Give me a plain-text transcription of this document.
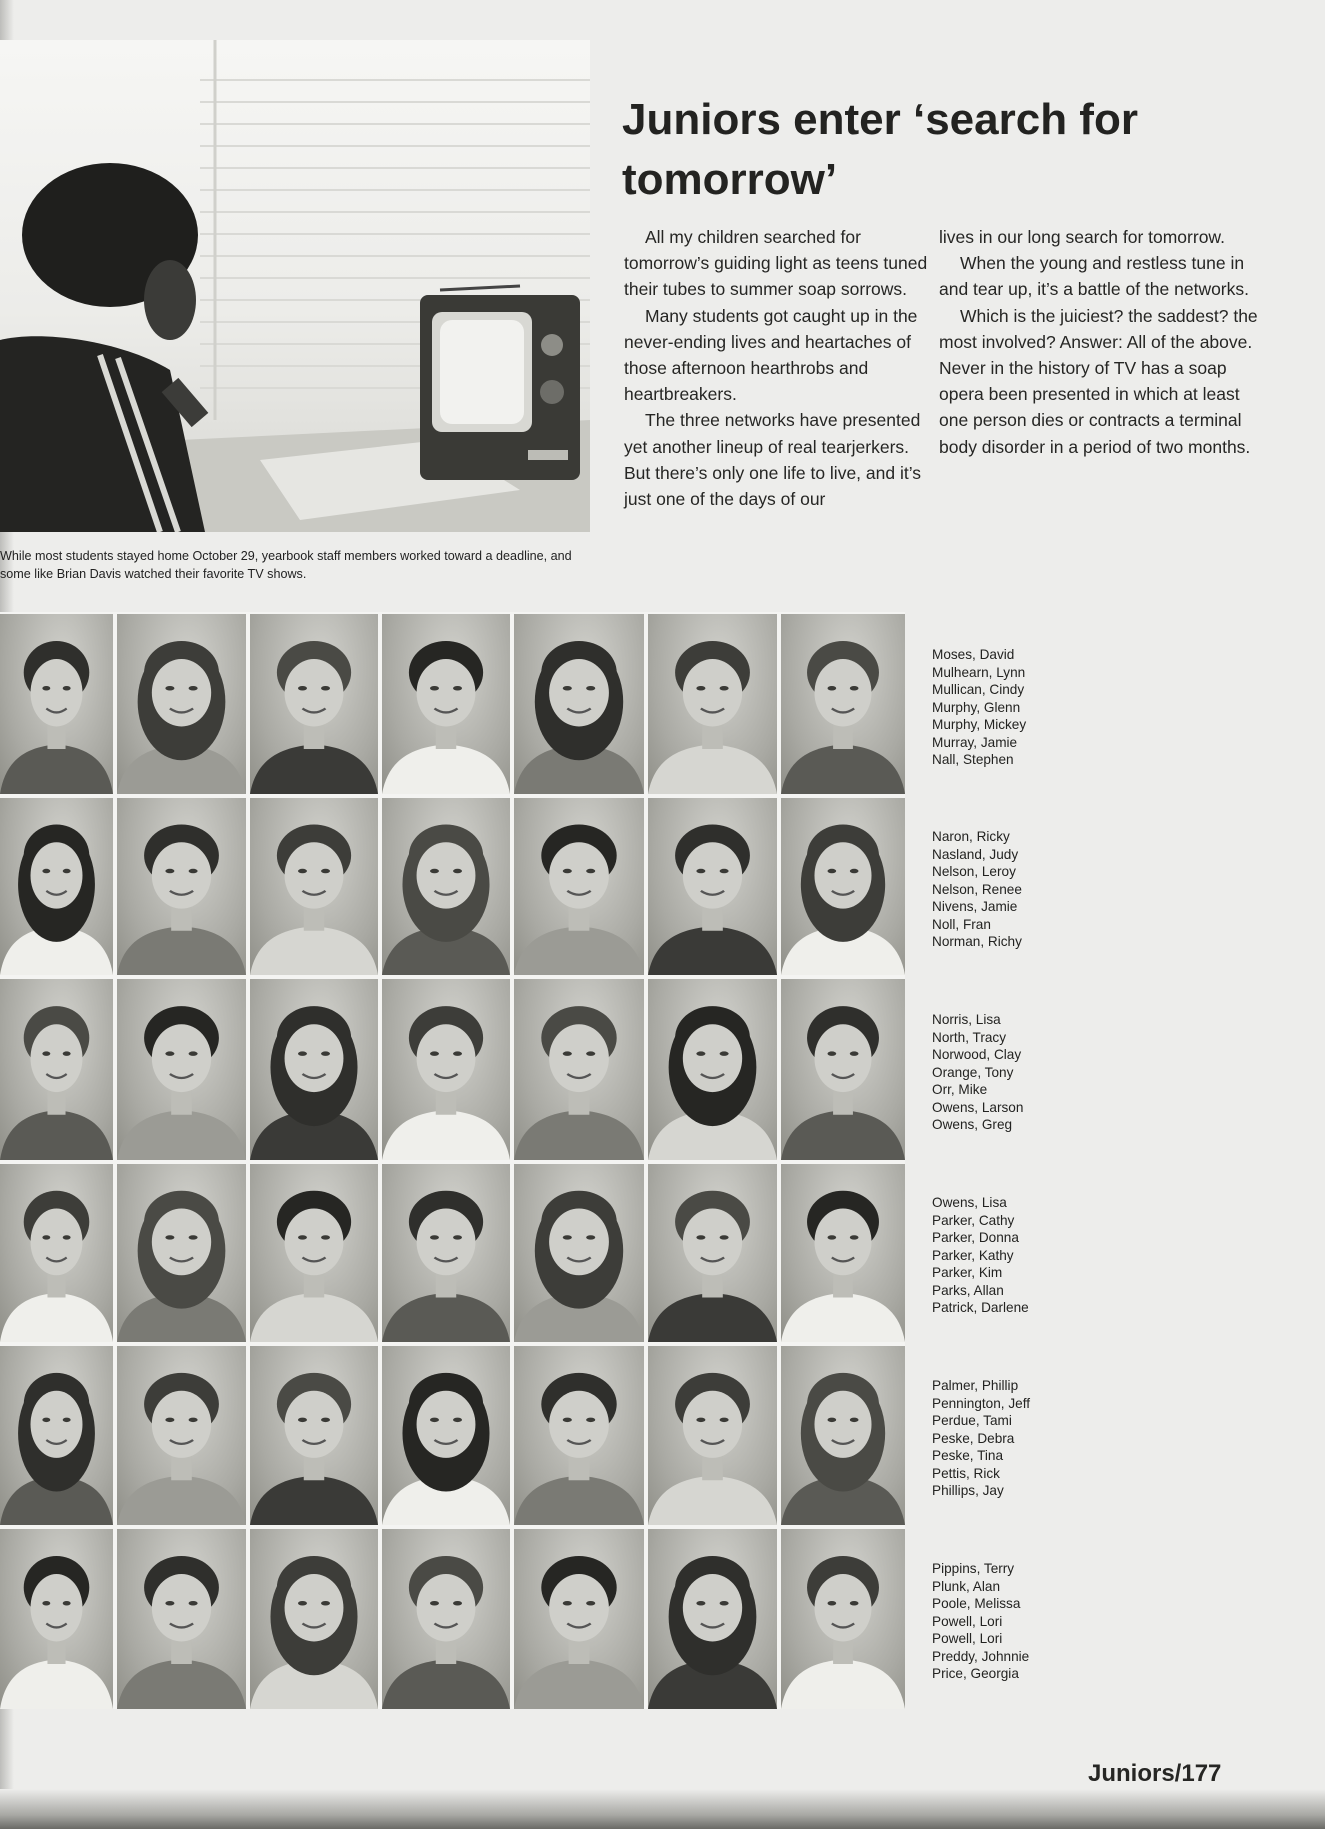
While most students stayed home October 29, yearbook staff members worked toward a deadline, and some like Brian Davis watched their favorite TV shows.
Juniors enter ‘search for tomorrow’

All my children searched for tomorrow’s guiding light as teens tuned their tubes to summer soap sorrows.

Many students got caught up in the never-ending lives and heartaches of those afternoon hearthrobs and heartbreakers.

The three networks have presented yet another lineup of real tearjerkers. But there’s only one life to live, and it’s just one of the days of our

lives in our long search for tomorrow.

When the young and restless tune in and tear up, it’s a battle of the networks.

Which is the juiciest? the saddest? the most involved? Answer: All of the above. Never in the history of TV has a soap opera been presented in which at least one person dies or contracts a terminal body disorder in a period of two months.

Juniors/177

Moses, David
Mulhearn, Lynn
Mullican, Cindy
Murphy, Glenn
Murphy, Mickey
Murray, Jamie
Nall, Stephen
Naron, Ricky
Nasland, Judy
Nelson, Leroy
Nelson, Renee
Nivens, Jamie
Noll, Fran
Norman, Richy
Norris, Lisa
North, Tracy
Norwood, Clay
Orange, Tony
Orr, Mike
Owens, Larson
Owens, Greg
Owens, Lisa
Parker, Cathy
Parker, Donna
Parker, Kathy
Parker, Kim
Parks, Allan
Patrick, Darlene
Palmer, Phillip
Pennington, Jeff
Perdue, Tami
Peske, Debra
Peske, Tina
Pettis, Rick
Phillips, Jay
Pippins, Terry
Plunk, Alan
Poole, Melissa
Powell, Lori
Powell, Lori
Preddy, Johnnie
Price, Georgia
